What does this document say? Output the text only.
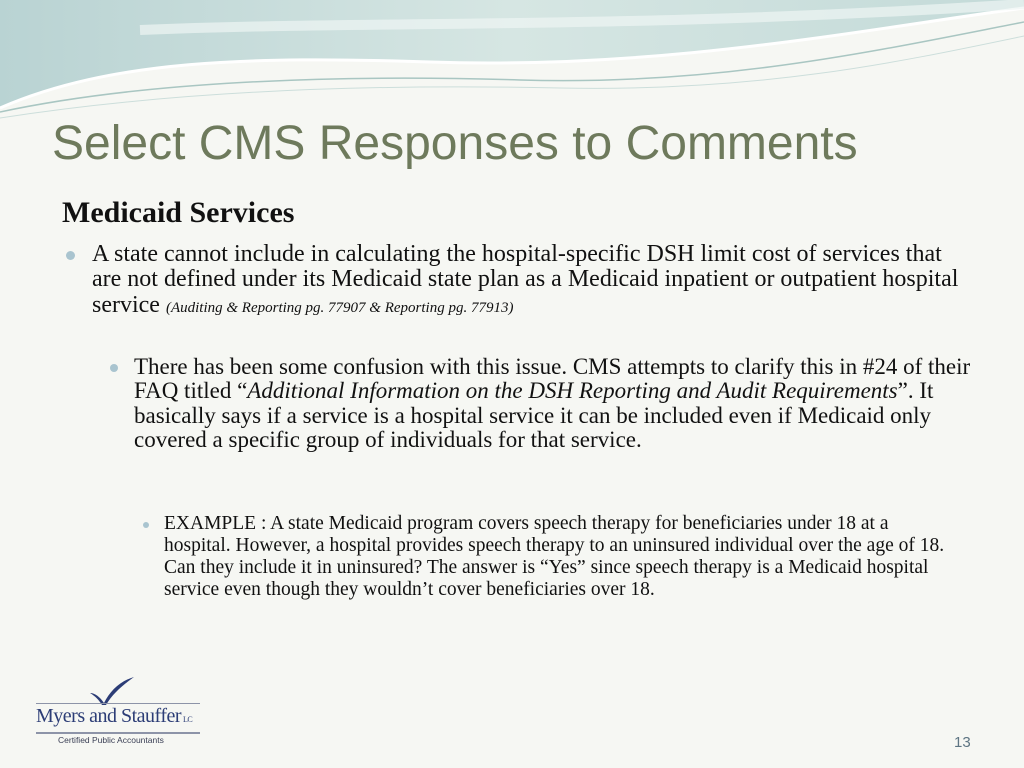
Select CMS Responses to Comments
Medicaid Services
A state cannot include in calculating the hospital-specific DSH limit cost of services that are not defined under its Medicaid state plan as a Medicaid inpatient or outpatient hospital service (Auditing & Reporting pg. 77907 & Reporting pg. 77913)
There has been some confusion with this issue. CMS attempts to clarify this in #24 of their FAQ titled “Additional Information on the DSH Reporting and Audit Requirements”. It basically says if a service is a hospital service it can be included even if Medicaid only covered a specific group of individuals for that service.
EXAMPLE : A state Medicaid program covers speech therapy for beneficiaries under 18 at a hospital. However, a hospital provides speech therapy to an uninsured individual over the age of 18. Can they include it in uninsured? The answer is “Yes” since speech therapy is a Medicaid hospital service even though they wouldn’t cover beneficiaries over 18.
Myers and Stauffer LC
Certified Public Accountants	13
